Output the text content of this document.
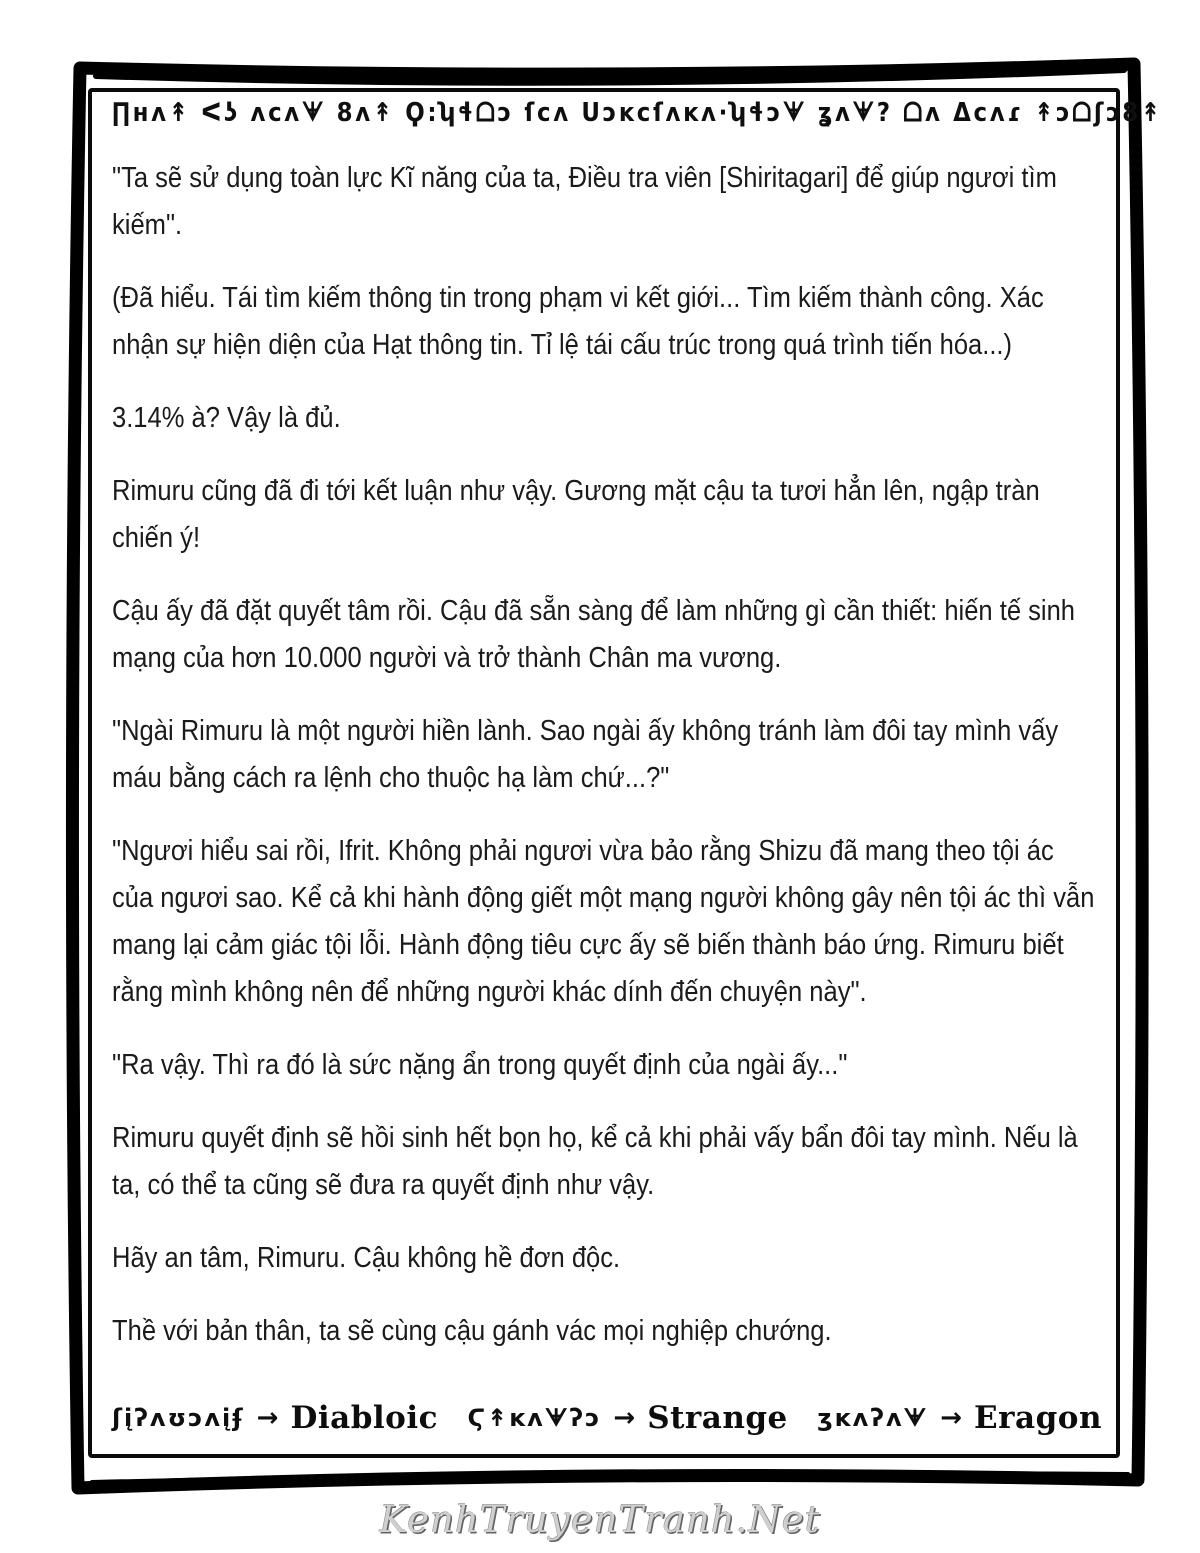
∏ʜᴧ↟ ᐸʖ ᴧᴄᴧᗖ 8ᴧ↟ Ϙ:ʮɬᗝᴐ ſᴄᴧ ᑌᴐĸᴄſᴧĸᴧ ·ʮɬᴐᗖ ʓᴧᗖ? ᗝᴧ ᐃᴄᴧɾ ↟ᴐᗝʃᴐ8↟

"Ta sẽ sử dụng toàn lực Kĩ năng của ta, Điều tra viên [Shiritagari] để giúp ngươi tìm kiếm".

(Đã hiểu. Tái tìm kiếm thông tin trong phạm vi kết giới... Tìm kiếm thành công. Xác nhận sự hiện diện của Hạt thông tin. Tỉ lệ tái cấu trúc trong quá trình tiến hóa...)

3.14% à? Vậy là đủ.

Rimuru cũng đã đi tới kết luận như vậy. Gương mặt cậu ta tươi hẳn lên, ngập tràn chiến ý!

Cậu ấy đã đặt quyết tâm rồi. Cậu đã sẵn sàng để làm những gì cần thiết: hiến tế sinh mạng của hơn 10.000 người và trở thành Chân ma vương.

"Ngài Rimuru là một người hiền lành. Sao ngài ấy không tránh làm đôi tay mình vấy máu bằng cách ra lệnh cho thuộc hạ làm chứ...?"

"Ngươi hiểu sai rồi, Ifrit. Không phải ngươi vừa bảo rằng Shizu đã mang theo tội ác của ngươi sao. Kể cả khi hành động giết một mạng người không gây nên tội ác thì vẫn mang lại cảm giác tội lỗi. Hành động tiêu cực ấy sẽ biến thành báo ứng. Rimuru biết rằng mình không nên để những người khác dính đến chuyện này".

"Ra vậy. Thì ra đó là sức nặng ẩn trong quyết định của ngài ấy..."

Rimuru quyết định sẽ hồi sinh hết bọn họ, kể cả khi phải vấy bẩn đôi tay mình. Nếu là ta, có thể ta cũng sẽ đưa ra quyết định như vậy.

Hãy an tâm, Rimuru. Cậu không hề đơn độc.

Thề với bản thân, ta sẽ cùng cậu gánh vác mọi nghiệp chướng.

ʃįʔᴧʊᴐᴧįʄ → Diabloic Ϛ↟ᴋᴧᗖʔᴐ → Strange ʒᴋᴧʔᴧᗖ → Eragon
KenhTruyenTranh.Net
